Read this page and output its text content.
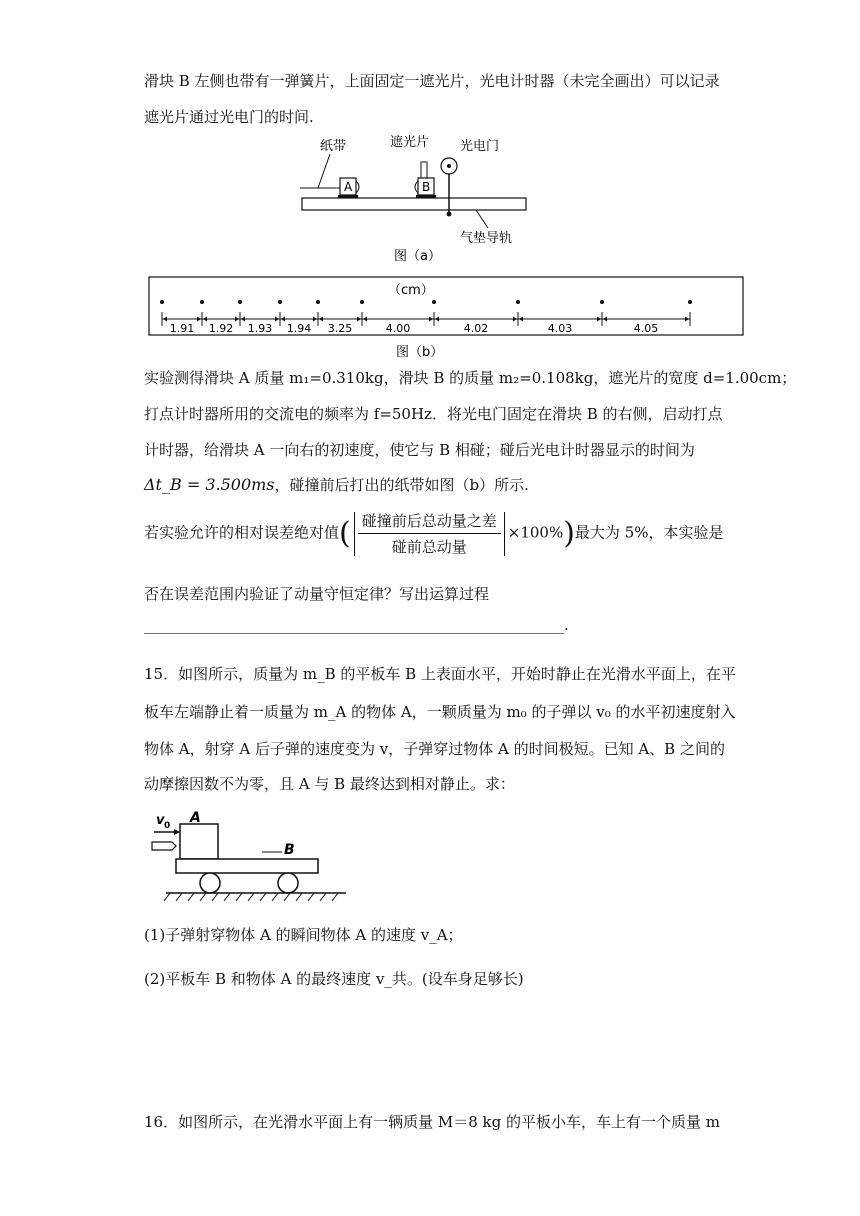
滑块 B 左侧也带有一弹簧片，上面固定一遮光片，光电计时器（未完全画出）可以记录
遮光片通过光电门的时间.
纸带	遮光片 光电门
A	B
气垫导轨
图（a）
（cm）
1.91 1.92 1.93 1.94 3.25	4.00	4.02	4.03	4.05
图（b）
实验测得滑块 A 质量 m₁=0.310kg，滑块 B 的质量 m₂=0.108kg，遮光片的宽度 d=1.00cm；
打点计时器所用的交流电的频率为 f=50Hz．将光电门固定在滑块 B 的右侧，启动打点
计时器，给滑块 A 一向右的初速度，使它与 B 相碰；碰后光电计时器显示的时间为
Δt_B = 3.500ms，碰撞前后打出的纸带如图（b）所示.
若实验允许的相对误差绝对值( $\frac{\text{碰撞前后总动量之差}}{\text{碰前总动量}} \times 100\%$)最大为 5%，本实验是
否在误差范围内验证了动量守恒定律？写出运算过程
________________________________________________________.
15．如图所示，质量为 m_B 的平板车 B 上表面水平，开始时静止在光滑水平面上，在平
板车左端静止着一质量为 m_A 的物体 A，一颗质量为 m₀ 的子弹以 v₀ 的水平初速度射入
物体 A，射穿 A 后子弹的速度变为 v，子弹穿过物体 A 的时间极短。已知 A、B 之间的
动摩擦因数不为零，且 A 与 B 最终达到相对静止。求：
v 0 A
B
(1)子弹射穿物体 A 的瞬间物体 A 的速度 v_A；
(2)平板车 B 和物体 A 的最终速度 v_共。(设车身足够长)
16．如图所示，在光滑水平面上有一辆质量 M＝8 kg 的平板小车，车上有一个质量 m
